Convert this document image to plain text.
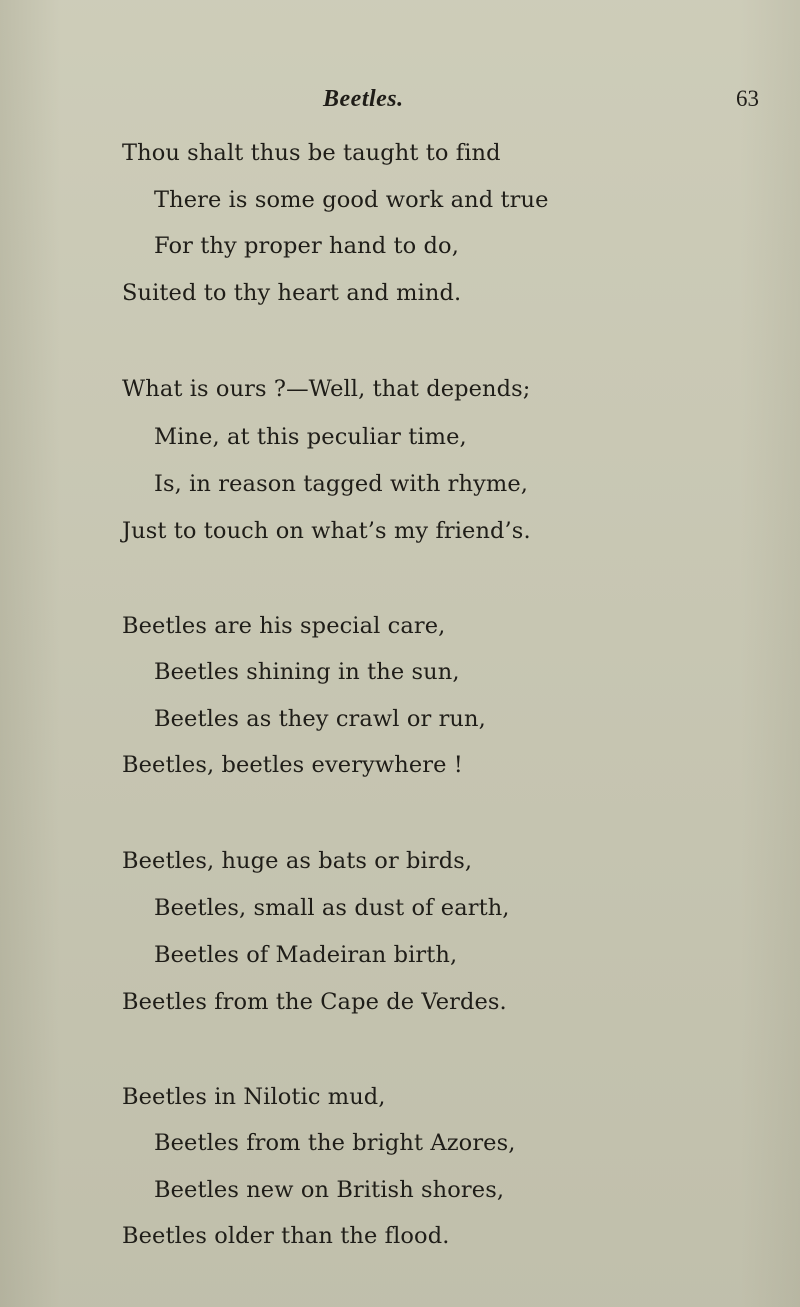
Beetles.	63
Thou shalt thus be taught to find
There is some good work and true
For thy proper hand to do,
Suited to thy heart and mind.
What is ours ?—Well, that depends;
Mine, at this peculiar time,
Is, in reason tagged with rhyme,
Just to touch on what’s my friend’s.
Beetles are his special care,
Beetles shining in the sun,
Beetles as they crawl or run,
Beetles, beetles everywhere !
Beetles, huge as bats or birds,
Beetles, small as dust of earth,
Beetles of Madeiran birth,
Beetles from the Cape de Verdes.
Beetles in Nilotic mud,
Beetles from the bright Azores,
Beetles new on British shores,
Beetles older than the flood.
